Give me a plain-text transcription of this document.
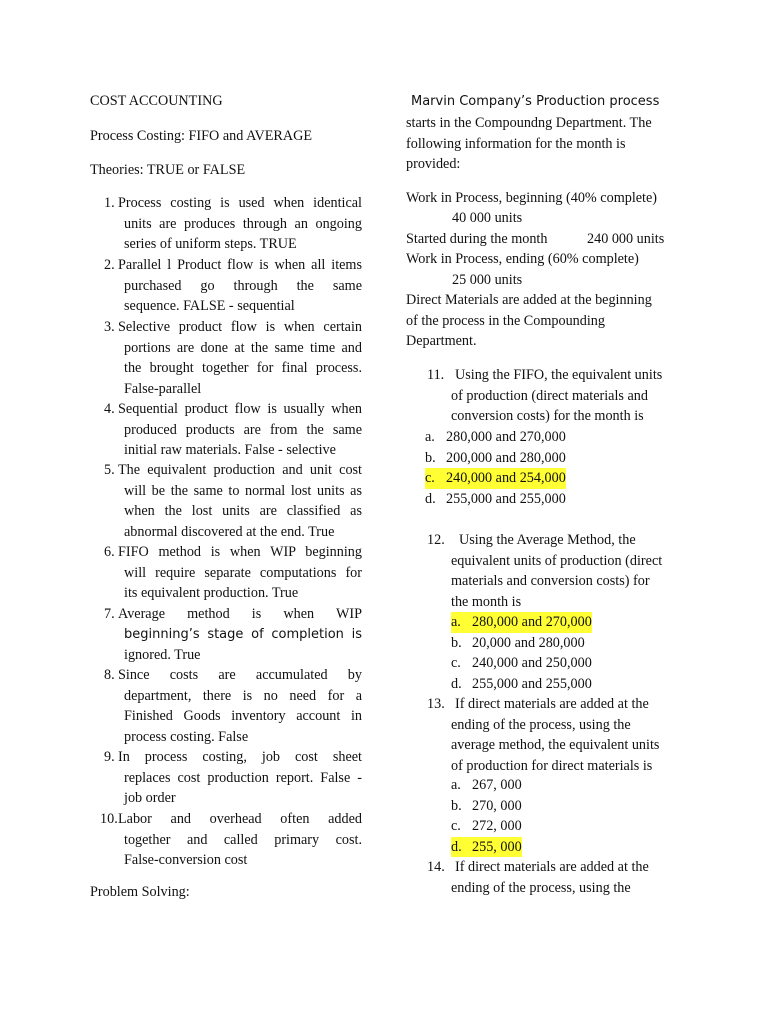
COST ACCOUNTING
Process Costing: FIFO and AVERAGE
Theories: TRUE or FALSE
1. Process costing is used when identical
units are produces through an ongoing
series of uniform steps. TRUE
2. Parallel l Product flow is when all items
purchased go through the same
sequence. FALSE - sequential
3. Selective product flow is when certain
portions are done at the same time and
the brought together for final process.
False-parallel
4. Sequential product flow is usually when
produced products are from the same
initial raw materials. False - selective
5. The equivalent production and unit cost
will be the same to normal lost units as
when the lost units are classified as
abnormal discovered at the end. True
6. FIFO method is when WIP beginning
will require separate computations for
its equivalent production. True
7. Average method is when WIP
beginning’s stage of completion is
ignored. True
8. Since costs are accumulated by
department, there is no need for a
Finished Goods inventory account in
process costing. False
9. In process costing, job cost sheet
replaces cost production report. False -
job order
10. Labor and overhead often added
together and called primary cost.
False-conversion cost
Problem Solving:
Marvin Company’s Production process
starts in the Compoundng Department. The
following information for the month is
provided:
Work in Process, beginning (40% complete)
40 000 units
Started during the month	240 000 units
Work in Process, ending (60% complete)
25 000 units
Direct Materials are added at the beginning
of the process in the Compounding
Department.
11. Using the FIFO, the equivalent units
of production (direct materials and
conversion costs) for the month is
a. 280,000 and 270,000
b. 200,000 and 280,000
c. 240,000 and 254,000
d. 255,000 and 255,000
12. Using the Average Method, the
equivalent units of production (direct
materials and conversion costs) for
the month is
a. 280,000 and 270,000
b. 20,000 and 280,000
c. 240,000 and 250,000
d. 255,000 and 255,000
13. If direct materials are added at the
ending of the process, using the
average method, the equivalent units
of production for direct materials is
a. 267, 000
b. 270, 000
c. 272, 000
d. 255, 000
14. If direct materials are added at the
ending of the process, using the
